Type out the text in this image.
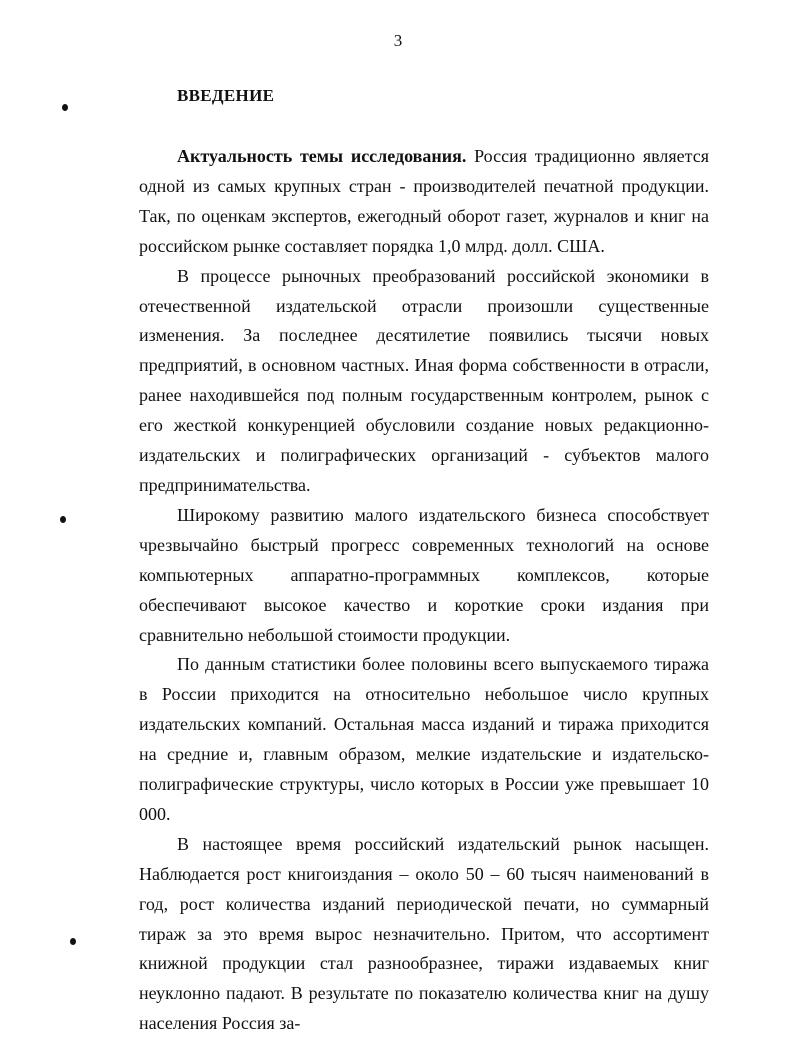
3
ВВЕДЕНИЕ

Актуальность темы исследования. Россия традиционно является одной из самых крупных стран - производителей печатной продукции. Так, по оценкам экспертов, ежегодный оборот газет, журналов и книг на российском рынке составляет порядка 1,0 млрд. долл. США.

В процессе рыночных преобразований российской экономики в отечественной издательской отрасли произошли существенные изменения. За последнее десятилетие появились тысячи новых предприятий, в основном частных. Иная форма собственности в отрасли, ранее находившейся под полным государственным контролем, рынок с его жесткой конкуренцией обусловили создание новых редакционно-издательских и полиграфических организаций - субъектов малого предпринимательства.

Широкому развитию малого издательского бизнеса способствует чрезвычайно быстрый прогресс современных технологий на основе компьютерных аппаратно-программных комплексов, которые обеспечивают высокое качество и короткие сроки издания при сравнительно небольшой стоимости продукции.

По данным статистики более половины всего выпускаемого тиража в России приходится на относительно небольшое число крупных издательских компаний. Остальная масса изданий и тиража приходится на средние и, главным образом, мелкие издательские и издательско-полиграфические структуры, число которых в России уже превышает 10 000.

В настоящее время российский издательский рынок насыщен. Наблюдается рост книгоиздания – около 50 – 60 тысяч наименований в год, рост количества изданий периодической печати, но суммарный тираж за это время вырос незначительно. Притом, что ассортимент книжной продукции стал разнообразнее, тиражи издаваемых книг неуклонно падают. В результате по показателю количества книг на душу населения Россия за-
